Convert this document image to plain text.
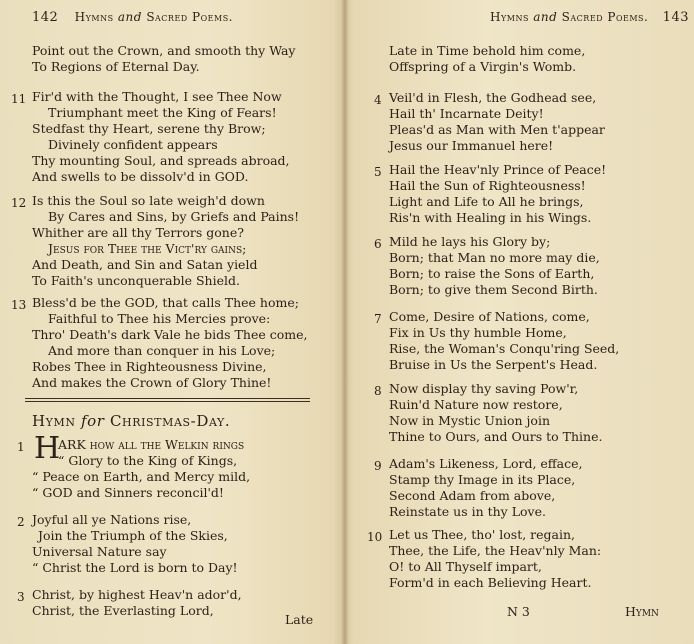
142 Hymns and Sacred Poems.
Point out the Crown, and smooth thy Way
To Regions of Eternal Day.
11 Fir'd with the Thought, I see Thee Now
Triumphant meet the King of Fears!
Stedfast thy Heart, serene thy Brow;
Divinely confident appears
Thy mounting Soul, and spreads abroad,
And swells to be dissolv'd in GOD.
12 Is this the Soul so late weigh'd down
By Cares and Sins, by Griefs and Pains!
Whither are all thy Terrors gone?
Jesus for Thee the Vict'ry gains;
And Death, and Sin and Satan yield
To Faith's unconquerable Shield.
13 Bless'd be the GOD, that calls Thee home;
Faithful to Thee his Mercies prove:
Thro' Death's dark Vale he bids Thee come,
And more than conquer in his Love;
Robes Thee in Righteousness Divine,
And makes the Crown of Glory Thine!
Hymn for Christmas-Day.
1 H
ARK how all the Welkin rings
“ Glory to the King of Kings,
“ Peace on Earth, and Mercy mild,
“ GOD and Sinners reconcil'd!
2 Joyful all ye Nations rise,
Join the Triumph of the Skies,
Universal Nature say
“ Christ the Lord is born to Day!
3 Christ, by highest Heav'n ador'd,
Christ, the Everlasting Lord,
Late
Hymns and Sacred Poems. 143
Late in Time behold him come,
Offspring of a Virgin's Womb.
4 Veil'd in Flesh, the Godhead see,
Hail th' Incarnate Deity!
Pleas'd as Man with Men t'appear
Jesus our Immanuel here!
5 Hail the Heav'nly Prince of Peace!
Hail the Sun of Righteousness!
Light and Life to All he brings,
Ris'n with Healing in his Wings.
6 Mild he lays his Glory by;
Born; that Man no more may die,
Born; to raise the Sons of Earth,
Born; to give them Second Birth.
7 Come, Desire of Nations, come,
Fix in Us thy humble Home,
Rise, the Woman's Conqu'ring Seed,
Bruise in Us the Serpent's Head.
8 Now display thy saving Pow'r,
Ruin'd Nature now restore,
Now in Mystic Union join
Thine to Ours, and Ours to Thine.
9 Adam's Likeness, Lord, efface,
Stamp thy Image in its Place,
Second Adam from above,
Reinstate us in thy Love.
10 Let us Thee, tho' lost, regain,
Thee, the Life, the Heav'nly Man:
O! to All Thyself impart,
Form'd in each Believing Heart.
N 3	Hymn
